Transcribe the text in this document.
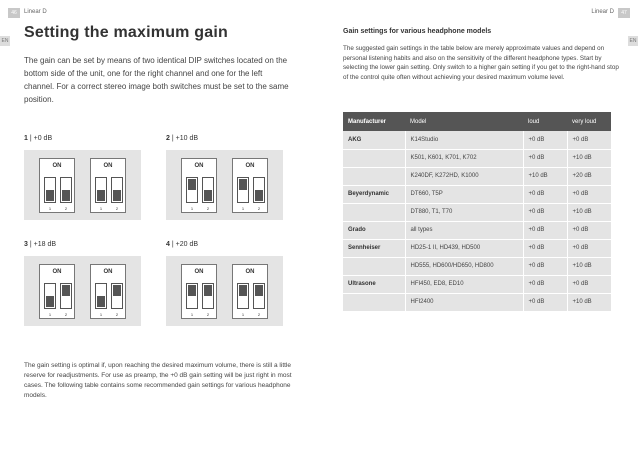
46	Linear D	Linear D	47
EN	EN
Setting the maximum gain

The gain can be set by means of two identical DIP switches located on the bottom side of the unit, one for the right channel and one for the left channel. For a correct stereo image both switches must be set to the same position.

1 | +0 dB
ON
1	2
ON
1	2
2 | +10 dB
ON
1	2
ON
1	2
3 | +18 dB
ON
1	2
ON
1	2
4 | +20 dB
ON
1	2
ON
1	2

The gain setting is optimal if, upon reaching the desired maximum volume, there is still a little reserve for readjustments. For use as preamp, the +0 dB gain setting will be just right in most cases. The following table contains some recommended gain settings for various headphone models.

Gain settings for various headphone models

The suggested gain settings in the table below are merely approximate values and depend on personal listening habits and also on the sensitivity of the different headphone types. Start by selecting the lower gain setting. Only switch to a higher gain setting if you get to the right-hand stop of the control quite often without achieving your desired maximum volume level.

Manufacturer	Model	loud	very loud
AKG	K14Studio	+0 dB	+0 dB
	K501, K601, K701, K702	+0 dB	+10 dB
	K240DF, K272HD, K1000	+10 dB	+20 dB
Beyerdynamic	DT660, T5P	+0 dB	+0 dB
	DT880, T1, T70	+0 dB	+10 dB
Grado	all types	+0 dB	+0 dB
Sennheiser	HD25-1 II, HD439, HD500	+0 dB	+0 dB
	HD555, HD600/HD650, HD800	+0 dB	+10 dB
Ultrasone	HFI450, ED8, ED10	+0 dB	+0 dB
	HFI2400	+0 dB	+10 dB
